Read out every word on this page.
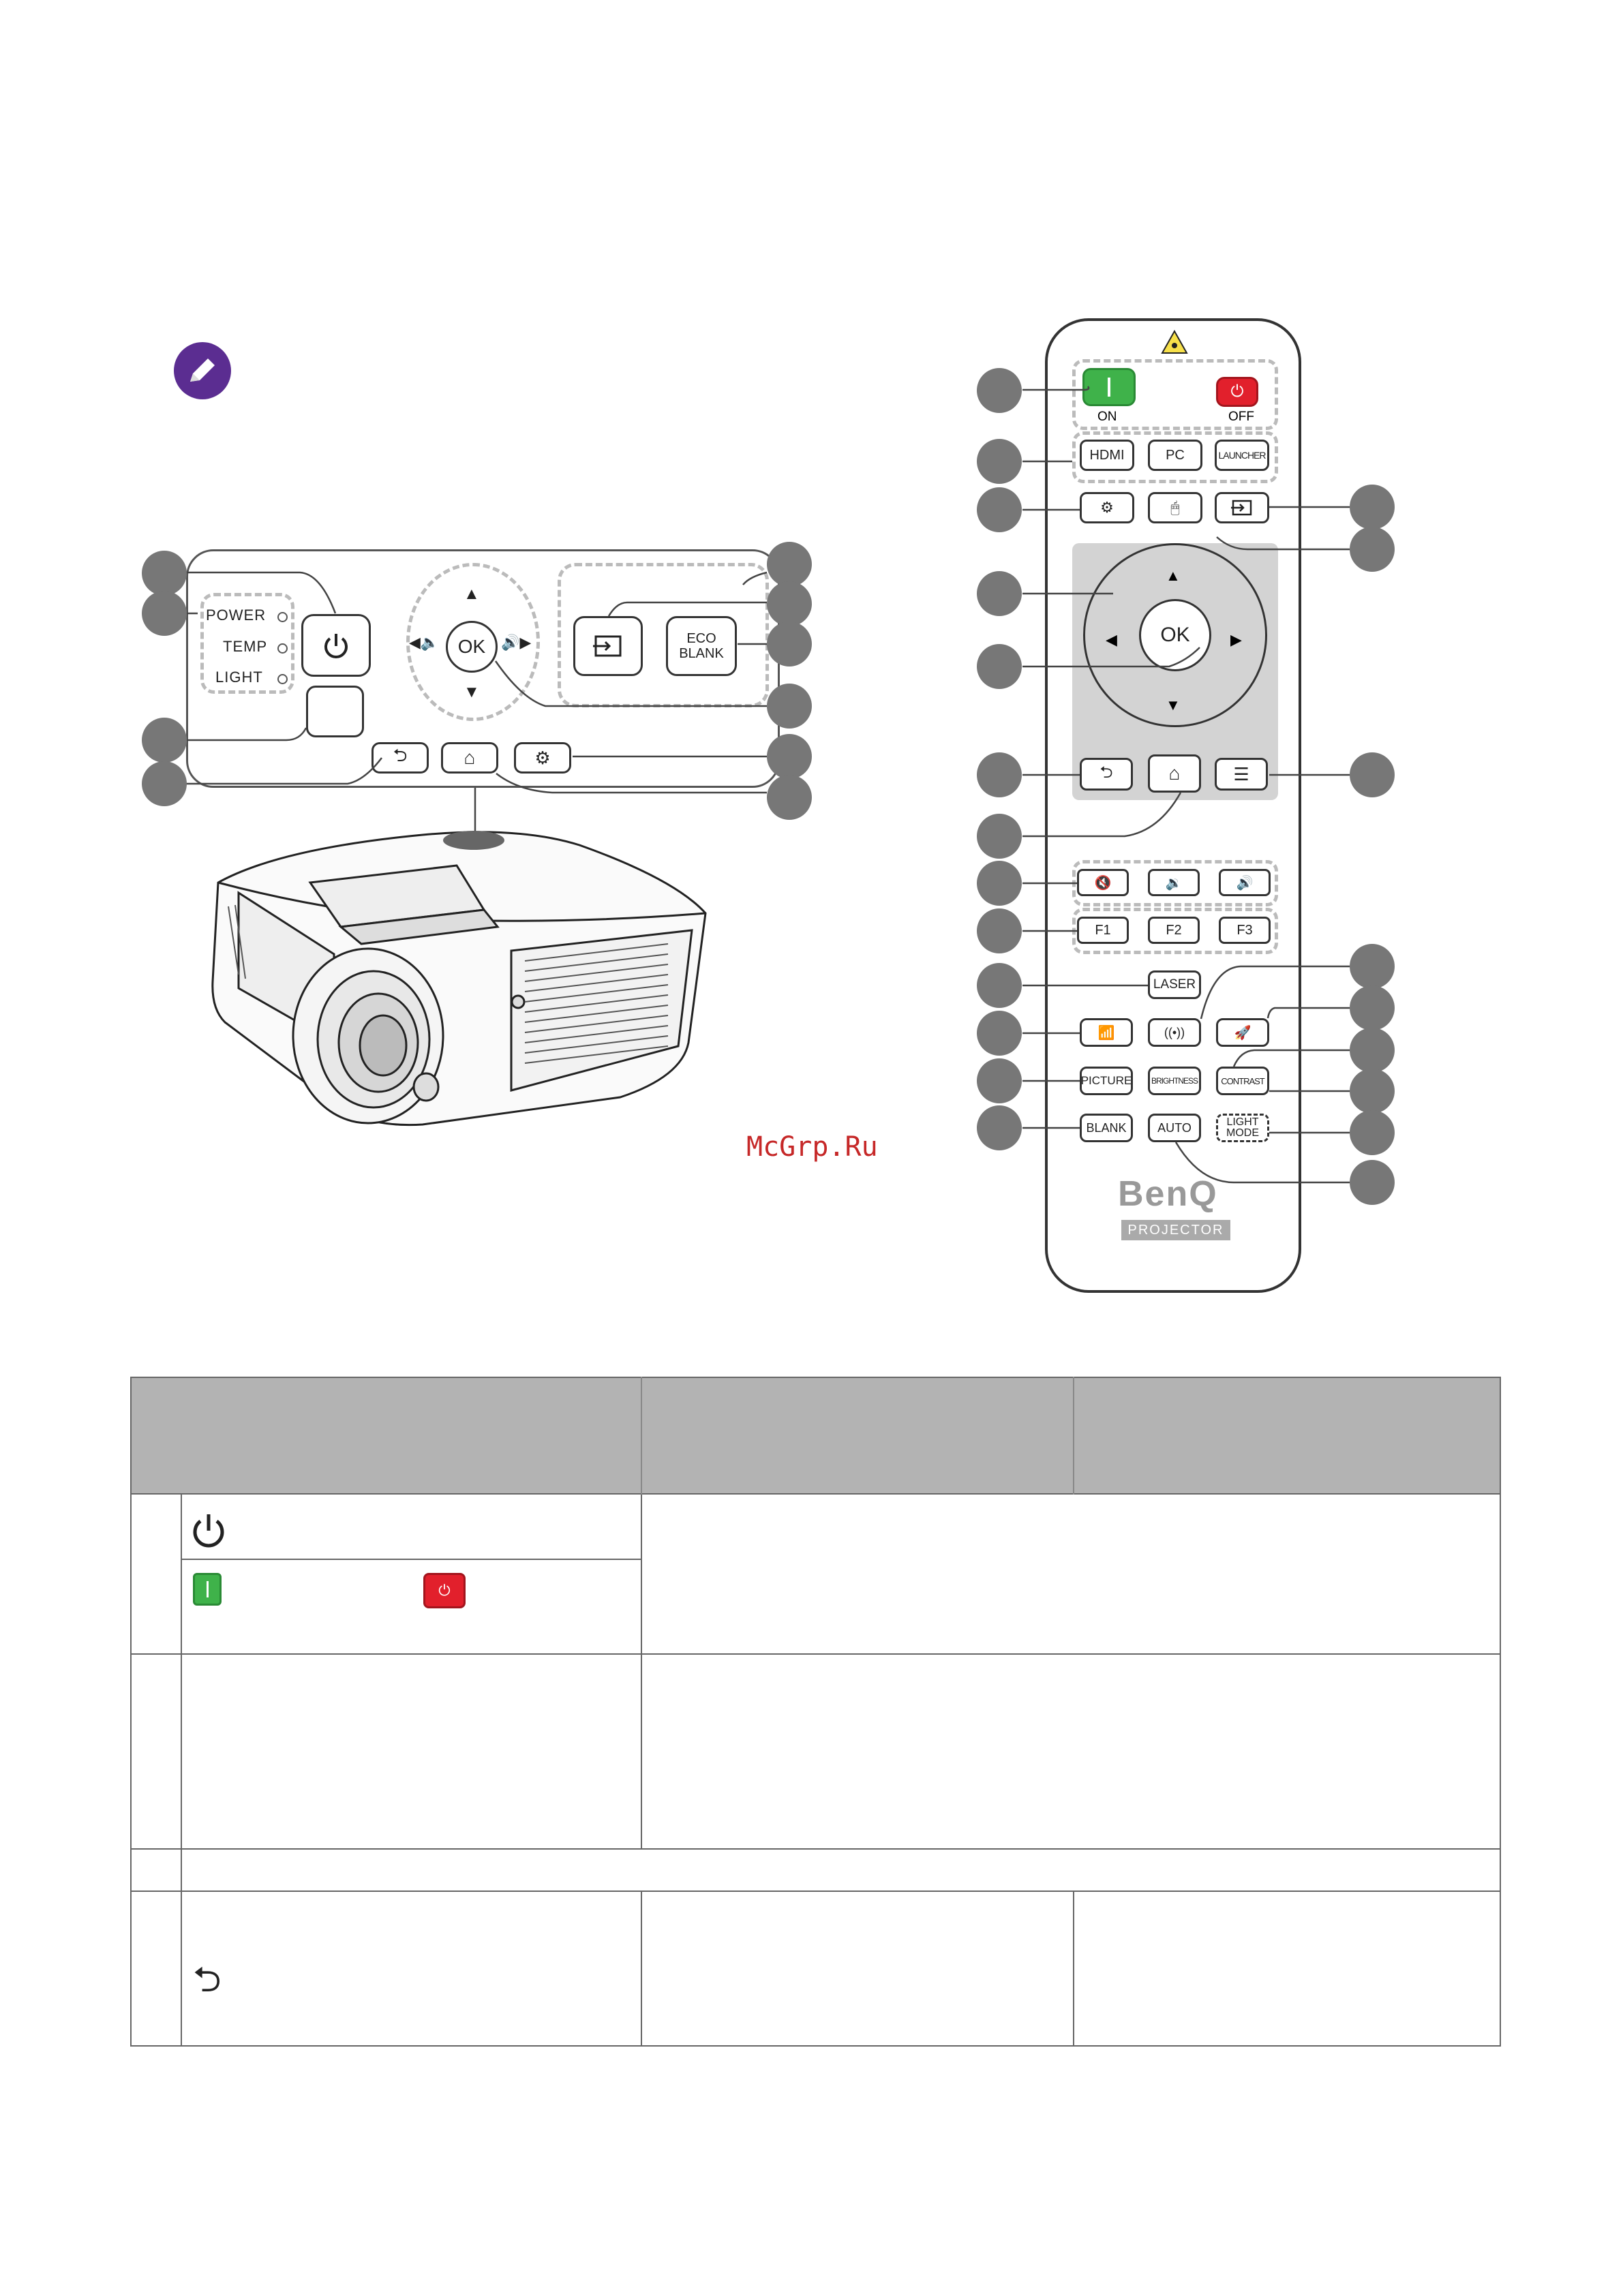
POWER
TEMP
LIGHT
▲
▼
◀🔈	🔊▶
OK	ECO
BLANK
⮌	⌂	⚙
McGrp.Ru
ON
⏻
OFF
HDMI	PC	LAUNCHER
⚙	🖱
▲
▼
◀	▶
OK
⮌	⌂	☰
🔇	🔉	🔊
F1	F2	F3
LASER
📶	((•))	🚀
PICTURE BRIGHTNESS	CONTRAST
BLANK	AUTO	LIGHT
MODE
BenQ
PROJECTOR
⏻
⮌
